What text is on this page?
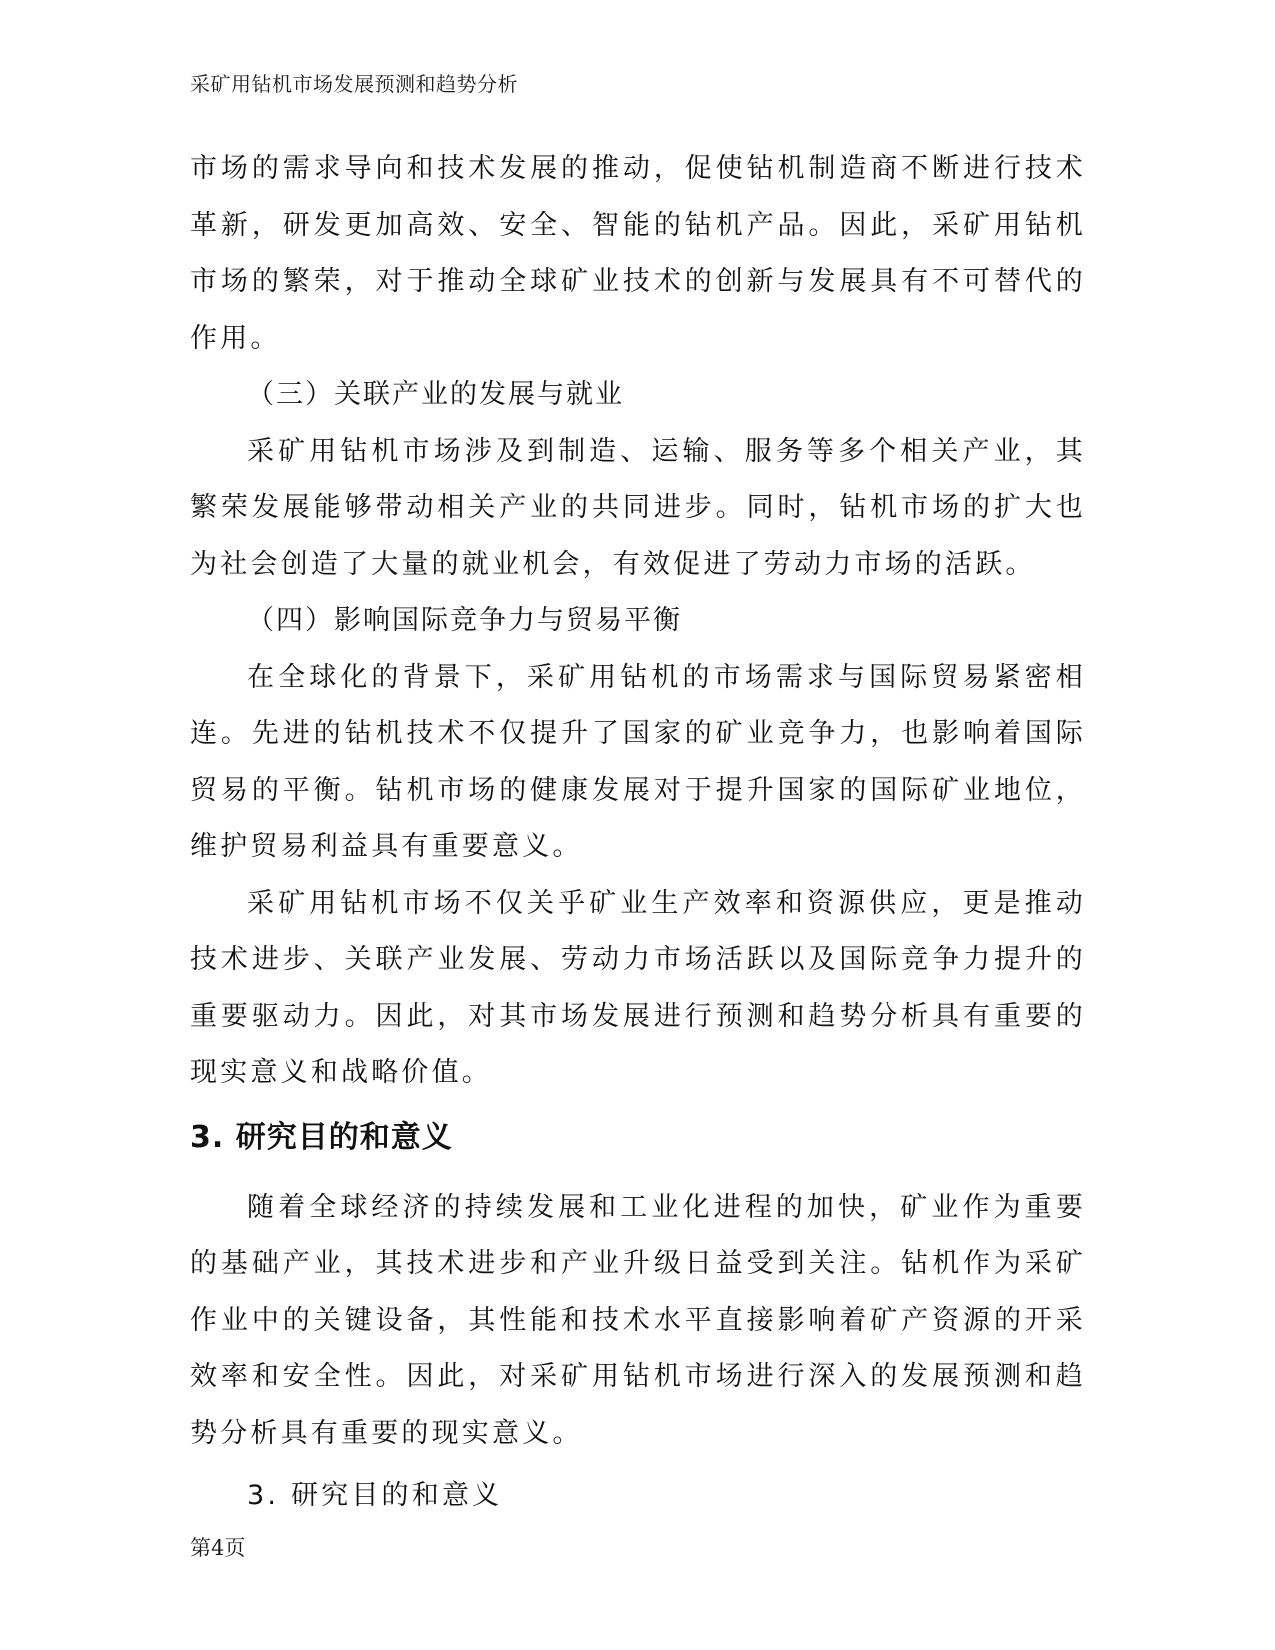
采矿用钻机市场发展预测和趋势分析

市场的需求导向和技术发展的推动，促使钻机制造商不断进行技术革新，研发更加高效、安全、智能的钻机产品。因此，采矿用钻机市场的繁荣，对于推动全球矿业技术的创新与发展具有不可替代的作用。

（三）关联产业的发展与就业

采矿用钻机市场涉及到制造、运输、服务等多个相关产业，其繁荣发展能够带动相关产业的共同进步。同时，钻机市场的扩大也为社会创造了大量的就业机会，有效促进了劳动力市场的活跃。

（四）影响国际竞争力与贸易平衡

在全球化的背景下，采矿用钻机的市场需求与国际贸易紧密相连。先进的钻机技术不仅提升了国家的矿业竞争力，也影响着国际贸易的平衡。钻机市场的健康发展对于提升国家的国际矿业地位，维护贸易利益具有重要意义。

采矿用钻机市场不仅关乎矿业生产效率和资源供应，更是推动技术进步、关联产业发展、劳动力市场活跃以及国际竞争力提升的重要驱动力。因此，对其市场发展进行预测和趋势分析具有重要的现实意义和战略价值。

3. 研究目的和意义

随着全球经济的持续发展和工业化进程的加快，矿业作为重要的基础产业，其技术进步和产业升级日益受到关注。钻机作为采矿作业中的关键设备，其性能和技术水平直接影响着矿产资源的开采效率和安全性。因此，对采矿用钻机市场进行深入的发展预测和趋势分析具有重要的现实意义。

3. 研究目的和意义

第4页
